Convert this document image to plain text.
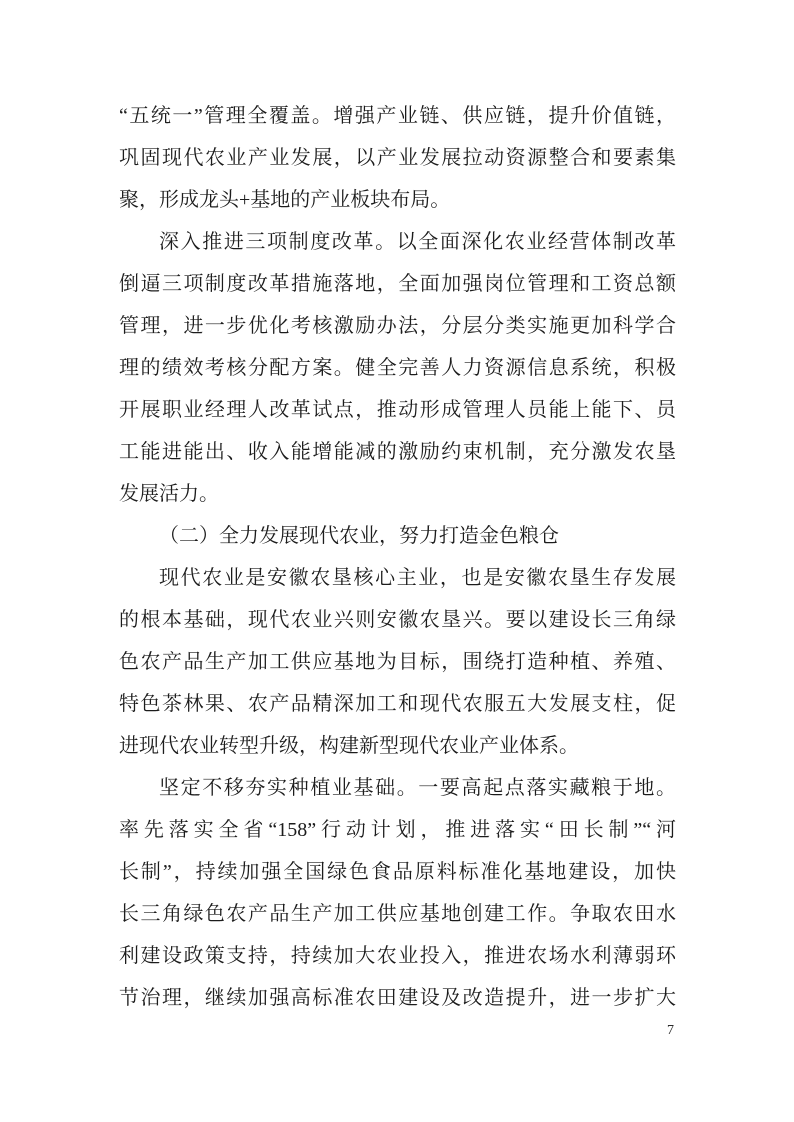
“五统一”管理全覆盖。增强产业链、供应链，提升价值链，
巩固现代农业产业发展，以产业发展拉动资源整合和要素集
聚，形成龙头+基地的产业板块布局。
深入推进三项制度改革。以全面深化农业经营体制改革
倒逼三项制度改革措施落地，全面加强岗位管理和工资总额
管理，进一步优化考核激励办法，分层分类实施更加科学合
理的绩效考核分配方案。健全完善人力资源信息系统，积极
开展职业经理人改革试点，推动形成管理人员能上能下、员
工能进能出、收入能增能减的激励约束机制，充分激发农垦
发展活力。
（二）全力发展现代农业，努力打造金色粮仓
现代农业是安徽农垦核心主业，也是安徽农垦生存发展
的根本基础，现代农业兴则安徽农垦兴。要以建设长三角绿
色农产品生产加工供应基地为目标，围绕打造种植、养殖、
特色茶林果、农产品精深加工和现代农服五大发展支柱，促
进现代农业转型升级，构建新型现代农业产业体系。
坚定不移夯实种植业基础。一要高起点落实藏粮于地。
率先落实全省“158”行动计划，推进落实“田长制”“河
长制”，持续加强全国绿色食品原料标准化基地建设，加快
长三角绿色农产品生产加工供应基地创建工作。争取农田水
利建设政策支持，持续加大农业投入，推进农场水利薄弱环
节治理，继续加强高标准农田建设及改造提升，进一步扩大
7
